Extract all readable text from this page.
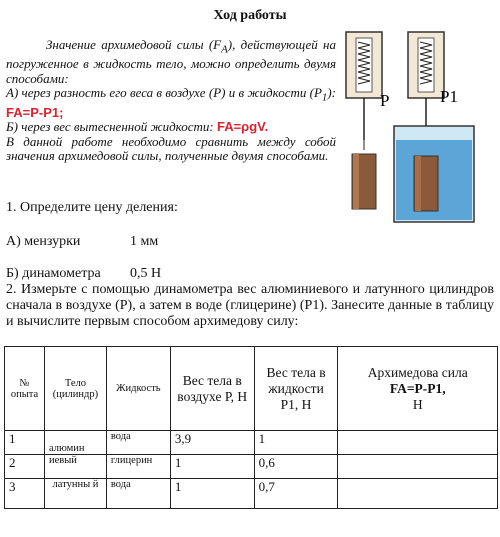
Ход работы
Значение архимедовой силы $(F_A)$, действующей на погруженное в жидкость тело, можно определить двумя способами:
А) через разность его веса в воздухе (Р) и в жидкости $(Р_1)$: FA=P-P1;
Б) через вес вытесненной жидкости: FA=ρgV.
В данной работе необходимо сравнить между собой значения архимедовой силы, полученные двумя способами.
P	P1
1. Определите цену деления:
А) мензурки	1 мм
Б) динамометра 0,5 Н
2. Измерьте с помощью динамометра вес алюминиевого и латунного цилиндров сначала в воздухе (P), а затем в воде (глицерине) (P1). Занесите данные в таблицу и вычислите первым способом архимедову силу:
№ опыта	Тело (цилиндр)	Жидкость	Вес тела в воздухе Р, Н	Вес тела в жидкости Р1, Н	Архимедова сила
FA=P-P1,
Н
1	алюмин	вода	3,9	1	
2	иевый	глицерин	1	0,6	
3	латунны й	вода	1	0,7	
